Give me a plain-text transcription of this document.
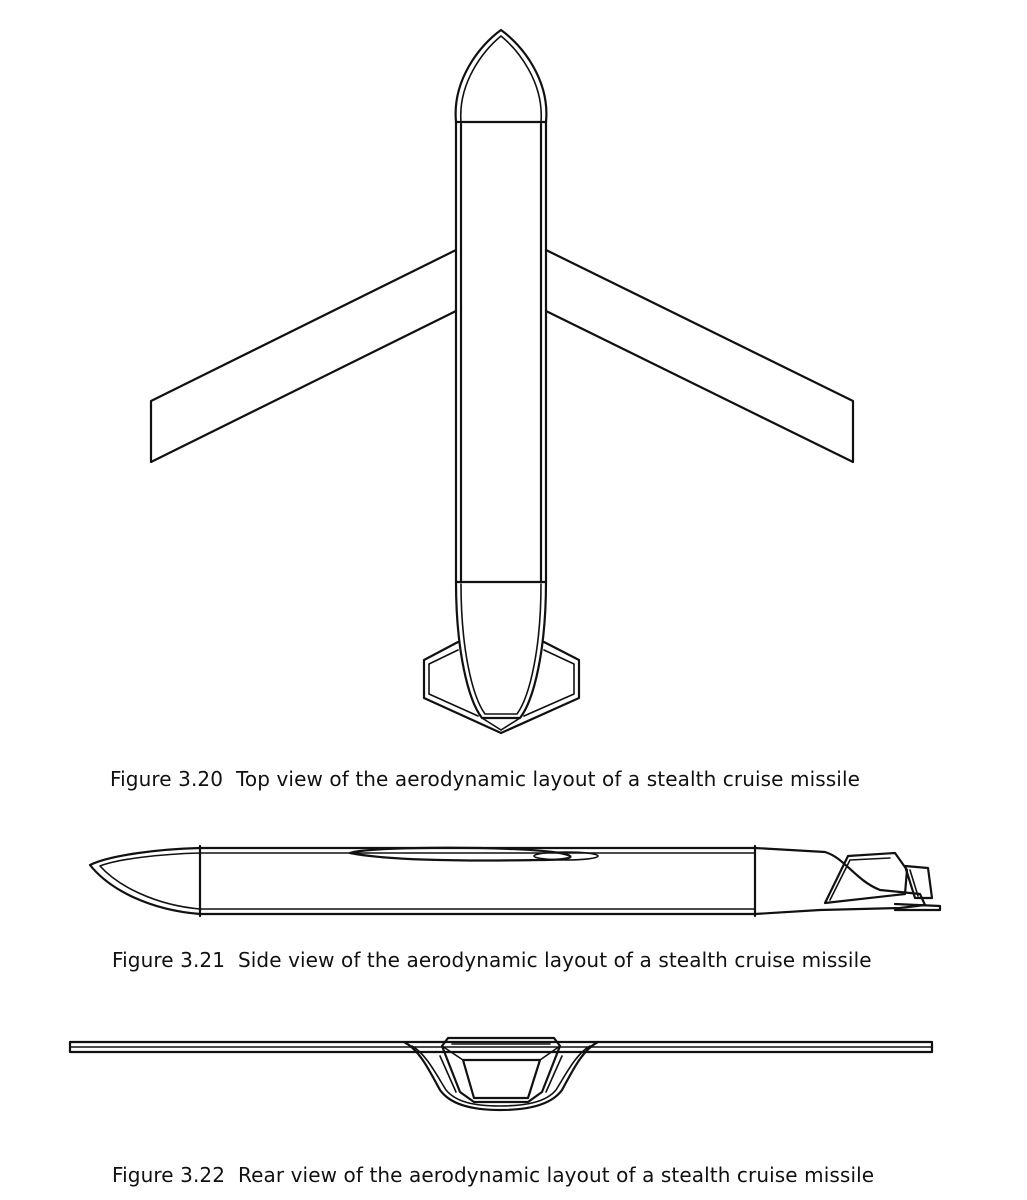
Figure 3.20  Top view of the aerodynamic layout of a stealth cruise missile
Figure 3.21  Side view of the aerodynamic layout of a stealth cruise missile
Figure 3.22  Rear view of the aerodynamic layout of a stealth cruise missile
